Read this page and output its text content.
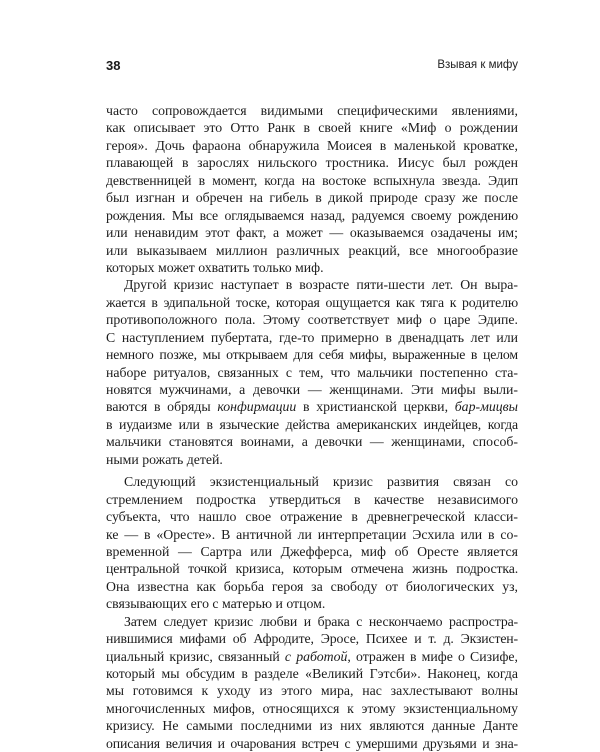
38	Взывая к мифу
часто сопровождается видимыми специфическими явлениями,
как описывает это Отто Ранк в своей книге «Миф о рождении
героя». Дочь фараона обнаружила Моисея в маленькой кроватке,
плавающей в зарослях нильского тростника. Иисус был рожден
девственницей в момент, когда на востоке вспыхнула звезда. Эдип
был изгнан и обречен на гибель в дикой природе сразу же после
рождения. Мы все оглядываемся назад, радуемся своему рождению
или ненавидим этот факт, а может — оказываемся озадачены им;
или выказываем миллион различных реакций, все многообразие
которых может охватить только миф.
Другой кризис наступает в возрасте пяти-шести лет. Он выра-
жается в эдипальной тоске, которая ощущается как тяга к родителю
противоположного пола. Этому соответствует миф о царе Эдипе.
С наступлением пубертата, где-то примерно в двенадцать лет или
немного позже, мы открываем для себя мифы, выраженные в целом
наборе ритуалов, связанных с тем, что мальчики постепенно ста-
новятся мужчинами, а девочки — женщинами. Эти мифы выли-
ваются в обряды конфирмации в христианской церкви, бар-мицвы
в иудаизме или в языческие действа американских индейцев, когда
мальчики становятся воинами, а девочки — женщинами, способ-
ными рожать детей.
Следующий экзистенциальный кризис развития связан со
стремлением подростка утвердиться в качестве независимого
субъекта, что нашло свое отражение в древнегреческой класси-
ке — в «Оресте». В античной ли интерпретации Эсхила или в со-
временной — Сартра или Джефферса, миф об Оресте является
центральной точкой кризиса, которым отмечена жизнь подростка.
Она известна как борьба героя за свободу от биологических уз,
связывающих его с матерью и отцом.
Затем следует кризис любви и брака с нескончаемо распростра-
нившимися мифами об Афродите, Эросе, Психее и т. д. Экзистен-
циальный кризис, связанный с работой, отражен в мифе о Сизифе,
который мы обсудим в разделе «Великий Гэтсби». Наконец, когда
мы готовимся к уходу из этого мира, нас захлестывают волны
многочисленных мифов, относящихся к этому экзистенциальному
кризису. Не самыми последними из них являются данные Данте
описания величия и очарования встреч с умершими друзьями и зна-
